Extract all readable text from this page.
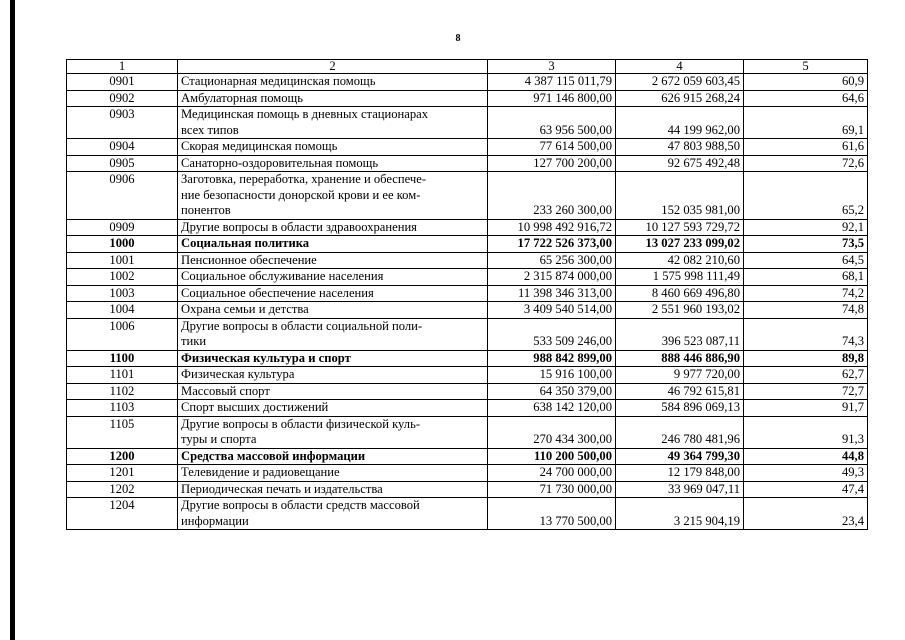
8
1	2	3	4	5
0901	Стационарная медицинская помощь	4 387 115 011,79	2 672 059 603,45	60,9
0902	Амбулаторная помощь	971 146 800,00	626 915 268,24	64,6
0903	Медицинская помощь в дневных стационарах
всех типов	63 956 500,00	44 199 962,00	69,1
0904	Скорая медицинская помощь	77 614 500,00	47 803 988,50	61,6
0905	Санаторно-оздоровительная помощь	127 700 200,00	92 675 492,48	72,6
0906	Заготовка, переработка, хранение и обеспече-
ние безопасности донорской крови и ее ком-
понентов	233 260 300,00	152 035 981,00	65,2
0909	Другие вопросы в области здравоохранения	10 998 492 916,72	10 127 593 729,72	92,1
1000	Социальная политика	17 722 526 373,00	13 027 233 099,02	73,5
1001	Пенсионное обеспечение	65 256 300,00	42 082 210,60	64,5
1002	Социальное обслуживание населения	2 315 874 000,00	1 575 998 111,49	68,1
1003	Социальное обеспечение населения	11 398 346 313,00	8 460 669 496,80	74,2
1004	Охрана семьи и детства	3 409 540 514,00	2 551 960 193,02	74,8
1006	Другие вопросы в области социальной поли-
тики	533 509 246,00	396 523 087,11	74,3
1100	Физическая культура и спорт	988 842 899,00	888 446 886,90	89,8
1101	Физическая культура	15 916 100,00	9 977 720,00	62,7
1102	Массовый спорт	64 350 379,00	46 792 615,81	72,7
1103	Спорт высших достижений	638 142 120,00	584 896 069,13	91,7
1105	Другие вопросы в области физической куль-
туры и спорта	270 434 300,00	246 780 481,96	91,3
1200	Средства массовой информации	110 200 500,00	49 364 799,30	44,8
1201	Телевидение и радиовещание	24 700 000,00	12 179 848,00	49,3
1202	Периодическая печать и издательства	71 730 000,00	33 969 047,11	47,4
1204	Другие вопросы в области средств массовой
информации	13 770 500,00	3 215 904,19	23,4
